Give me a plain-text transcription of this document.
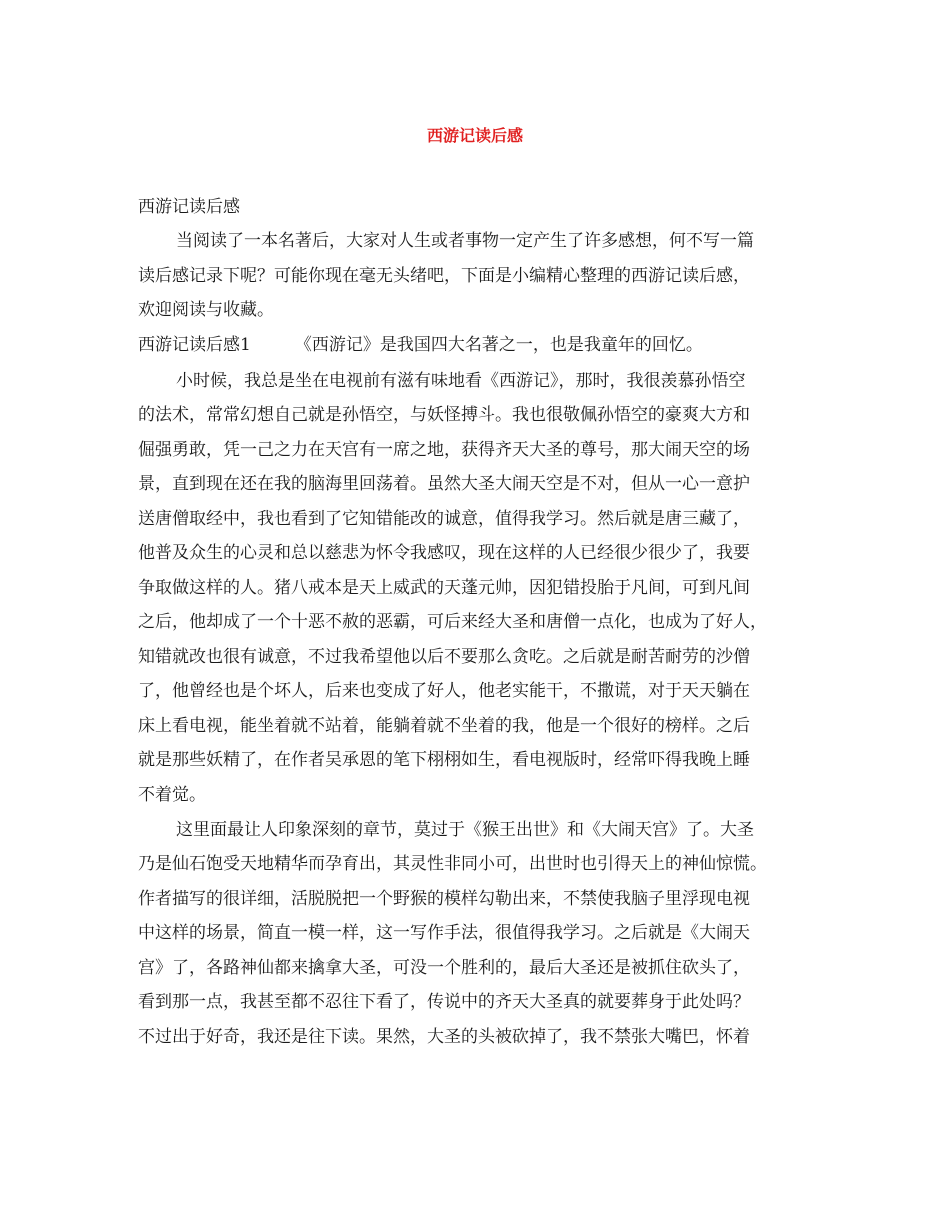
西游记读后感
西游记读后感
当阅读了一本名著后，大家对人生或者事物一定产生了许多感想，何不写一篇
读后感记录下呢？可能你现在毫无头绪吧，下面是小编精心整理的西游记读后感，
欢迎阅读与收藏。
西游记读后感1	《西游记》是我国四大名著之一，也是我童年的回忆。
小时候，我总是坐在电视前有滋有味地看《西游记》，那时，我很羡慕孙悟空
的法术，常常幻想自己就是孙悟空，与妖怪搏斗。我也很敬佩孙悟空的豪爽大方和
倔强勇敢，凭一己之力在天宫有一席之地，获得齐天大圣的尊号，那大闹天空的场
景，直到现在还在我的脑海里回荡着。虽然大圣大闹天空是不对，但从一心一意护
送唐僧取经中，我也看到了它知错能改的诚意，值得我学习。然后就是唐三藏了，
他普及众生的心灵和总以慈悲为怀令我感叹，现在这样的人已经很少很少了，我要
争取做这样的人。猪八戒本是天上威武的天蓬元帅，因犯错投胎于凡间，可到凡间
之后，他却成了一个十恶不赦的恶霸，可后来经大圣和唐僧一点化，也成为了好人，
知错就改也很有诚意，不过我希望他以后不要那么贪吃。之后就是耐苦耐劳的沙僧
了，他曾经也是个坏人，后来也变成了好人，他老实能干，不撒谎，对于天天躺在
床上看电视，能坐着就不站着，能躺着就不坐着的我，他是一个很好的榜样。之后
就是那些妖精了，在作者吴承恩的笔下栩栩如生，看电视版时，经常吓得我晚上睡
不着觉。
这里面最让人印象深刻的章节，莫过于《猴王出世》和《大闹天宫》了。大圣
乃是仙石饱受天地精华而孕育出，其灵性非同小可，出世时也引得天上的神仙惊慌。
作者描写的很详细，活脱脱把一个野猴的模样勾勒出来，不禁使我脑子里浮现电视
中这样的场景，简直一模一样，这一写作手法，很值得我学习。之后就是《大闹天
宫》了，各路神仙都来擒拿大圣，可没一个胜利的，最后大圣还是被抓住砍头了，
看到那一点，我甚至都不忍往下看了，传说中的齐天大圣真的就要葬身于此处吗？
不过出于好奇，我还是往下读。果然，大圣的头被砍掉了，我不禁张大嘴巴，怀着
